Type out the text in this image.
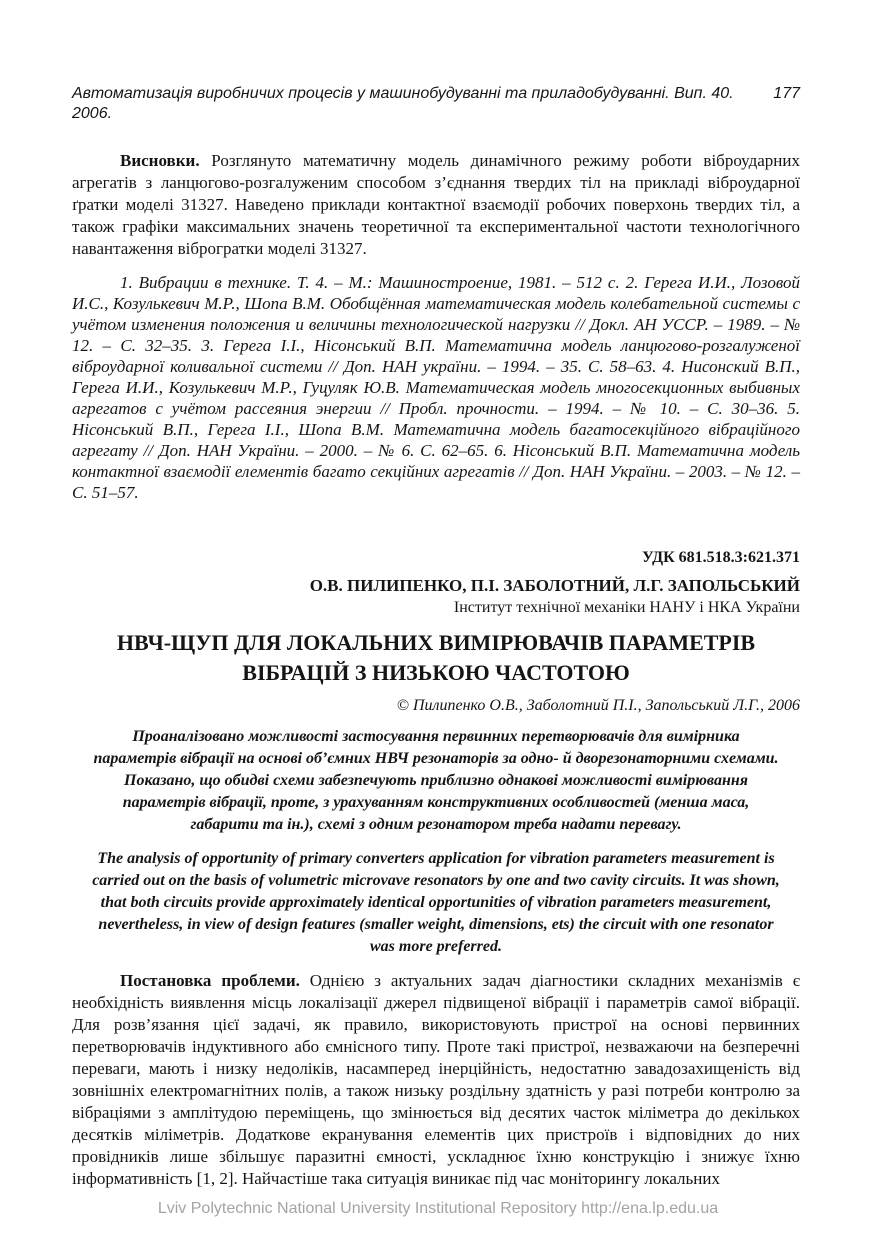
Автоматизація виробничих процесів у машинобудуванні та приладобудуванні. Вип. 40. 2006.
177

Висновки. Розглянуто математичну модель динамічного режиму роботи віброударних агрегатів з ланцюгово-розгалуженим способом з’єднання твердих тіл на прикладі віброударної ґратки моделі 31327. Наведено приклади контактної взаємодії робочих поверхонь твердих тіл, а також графіки максимальних значень теоретичної та експериментальної частоти технологічного навантаження віброгратки моделі 31327.

1. Вибрации в технике. Т. 4. – М.: Машиностроение, 1981. – 512 с. 2. Герега И.И., Лозовой И.С., Козулькевич М.Р., Шопа В.М. Обобщённая математическая модель колебательной системы с учётом изменения положения и величины технологической нагрузки // Докл. АН УССР. – 1989. – № 12. – С. 32–35. 3. Герега І.І., Нісонський В.П. Математична модель ланцюгово-розгалуженої віброударної коливальної системи // Доп. НАН україни. – 1994. – 35. С. 58–63. 4. Нисонский В.П., Герега И.И., Козулькевич М.Р., Гуцуляк Ю.В. Математическая модель многосекционных выбивных агрегатов с учётом рассеяния энергии // Пробл. прочности. – 1994. – № 10. – С. 30–36. 5. Нісонський В.П., Герега І.І., Шопа В.М. Математична модель багатосекційного вібраційного агрегату // Доп. НАН України. – 2000. – № 6. С. 62–65. 6. Нісонський В.П. Математична модель контактної взаємодії елементів багато секційних агрегатів // Доп. НАН України. – 2003. – № 12. – С. 51–57.

УДК 681.518.3:621.371
О.В. ПИЛИПЕНКО, П.І. ЗАБОЛОТНИЙ, Л.Г. ЗАПОЛЬСЬКИЙ
Інститут технічної механіки НАНУ і НКА України
НВЧ-ЩУП ДЛЯ ЛОКАЛЬНИХ ВИМІРЮВАЧІВ ПАРАМЕТРІВ ВІБРАЦІЙ З НИЗЬКОЮ ЧАСТОТОЮ
© Пилипенко О.В., Заболотний П.І., Запольський Л.Г., 2006

Проаналізовано можливості застосування первинних перетворювачів для вимірника параметрів вібрації на основі об’ємних НВЧ резонаторів за одно- й дворезонаторними схемами. Показано, що обидві схеми забезпечують приблизно однакові можливості вимірювання параметрів вібрації, проте, з урахуванням конструктивних особливостей (менша маса, габарити та ін.), схемі з одним резонатором треба надати перевагу.

The analysis of opportunity of primary converters application for vibration parameters measurement is carried out on the basis of volumetric microvave resonators by one and two cavity circuits. It was shown, that both circuits provide approximately identical opportunities of vibration parameters measurement, nevertheless, in view of design features (smaller weight, dimensions, ets) the circuit with one resonator was more preferred.

Постановка проблеми. Однією з актуальних задач діагностики складних механізмів є необхідність виявлення місць локалізації джерел підвищеної вібрації і параметрів самої вібрації. Для розв’язання цієї задачі, як правило, використовують пристрої на основі первинних перетворювачів індуктивного або ємнісного типу. Проте такі пристрої, незважаючи на безперечні переваги, мають і низку недоліків, насамперед інерційність, недостатню завадозахищеність від зовнішніх електромагнітних полів, а також низьку роздільну здатність у разі потреби контролю за вібраціями з амплітудою переміщень, що змінюється від десятих часток міліметра до декількох десятків міліметрів. Додаткове екранування елементів цих пристроїв і відповідних до них провідників лише збільшує паразитні ємності, ускладнює їхню конструкцію і знижує їхню інформативність [1, 2]. Найчастіше така ситуація виникає під час моніторингу локальних

Lviv Polytechnic National University Institutional Repository http://ena.lp.edu.ua
